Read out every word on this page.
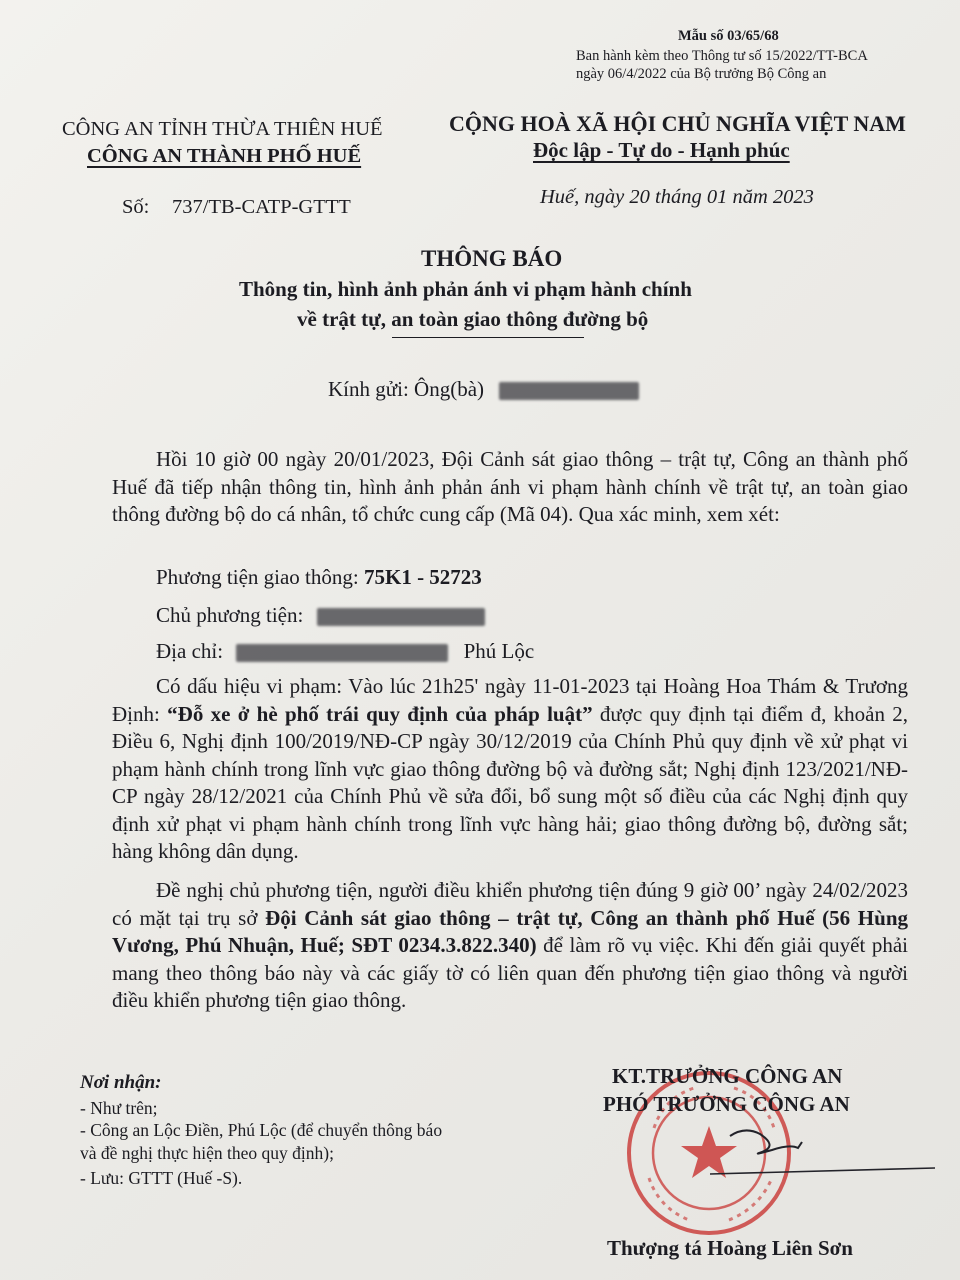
Mẫu số 03/65/68
Ban hành kèm theo Thông tư số 15/2022/TT-BCA
ngày 06/4/2022 của Bộ trưởng Bộ Công an
CÔNG AN TỈNH THỪA THIÊN HUẾ
CÔNG AN THÀNH PHỐ HUẾ
Số: 737/TB-CATP-GTTT
CỘNG HOÀ XÃ HỘI CHỦ NGHĨA VIỆT NAM
Độc lập - Tự do - Hạnh phúc
Huế, ngày 20 tháng 01 năm 2023
THÔNG BÁO
Thông tin, hình ảnh phản ánh vi phạm hành chính
về trật tự, an toàn giao thông đường bộ
Kính gửi: Ông(bà)
Hồi 10 giờ 00 ngày 20/01/2023, Đội Cảnh sát giao thông – trật tự, Công an thành phố Huế đã tiếp nhận thông tin, hình ảnh phản ánh vi phạm hành chính về trật tự, an toàn giao thông đường bộ do cá nhân, tổ chức cung cấp (Mã 04). Qua xác minh, xem xét:
Phương tiện giao thông: 75K1 - 52723
Chủ phương tiện:
Địa chỉ:	Phú Lộc
Có dấu hiệu vi phạm: Vào lúc 21h25' ngày 11-01-2023 tại Hoàng Hoa Thám & Trương Định: “Đỗ xe ở hè phố trái quy định của pháp luật” được quy định tại điểm đ, khoản 2, Điều 6, Nghị định 100/2019/NĐ-CP ngày 30/12/2019 của Chính Phủ quy định về xử phạt vi phạm hành chính trong lĩnh vực giao thông đường bộ và đường sắt; Nghị định 123/2021/NĐ-CP ngày 28/12/2021 của Chính Phủ về sửa đổi, bổ sung một số điều của các Nghị định quy định xử phạt vi phạm hành chính trong lĩnh vực hàng hải; giao thông đường bộ, đường sắt; hàng không dân dụng.
Đề nghị chủ phương tiện, người điều khiển phương tiện đúng 9 giờ 00’ ngày 24/02/2023 có mặt tại trụ sở Đội Cảnh sát giao thông – trật tự, Công an thành phố Huế (56 Hùng Vương, Phú Nhuận, Huế; SĐT 0234.3.822.340) để làm rõ vụ việc. Khi đến giải quyết phải mang theo thông báo này và các giấy tờ có liên quan đến phương tiện giao thông và người điều khiển phương tiện giao thông.
Nơi nhận:
- Như trên;
- Công an Lộc Điền, Phú Lộc (để chuyển thông báo
và đề nghị thực hiện theo quy định);
- Lưu: GTTT (Huế -S).
KT.TRƯỞNG CÔNG AN
PHÓ TRƯỞNG CÔNG AN
Thượng tá Hoàng Liên Sơn
